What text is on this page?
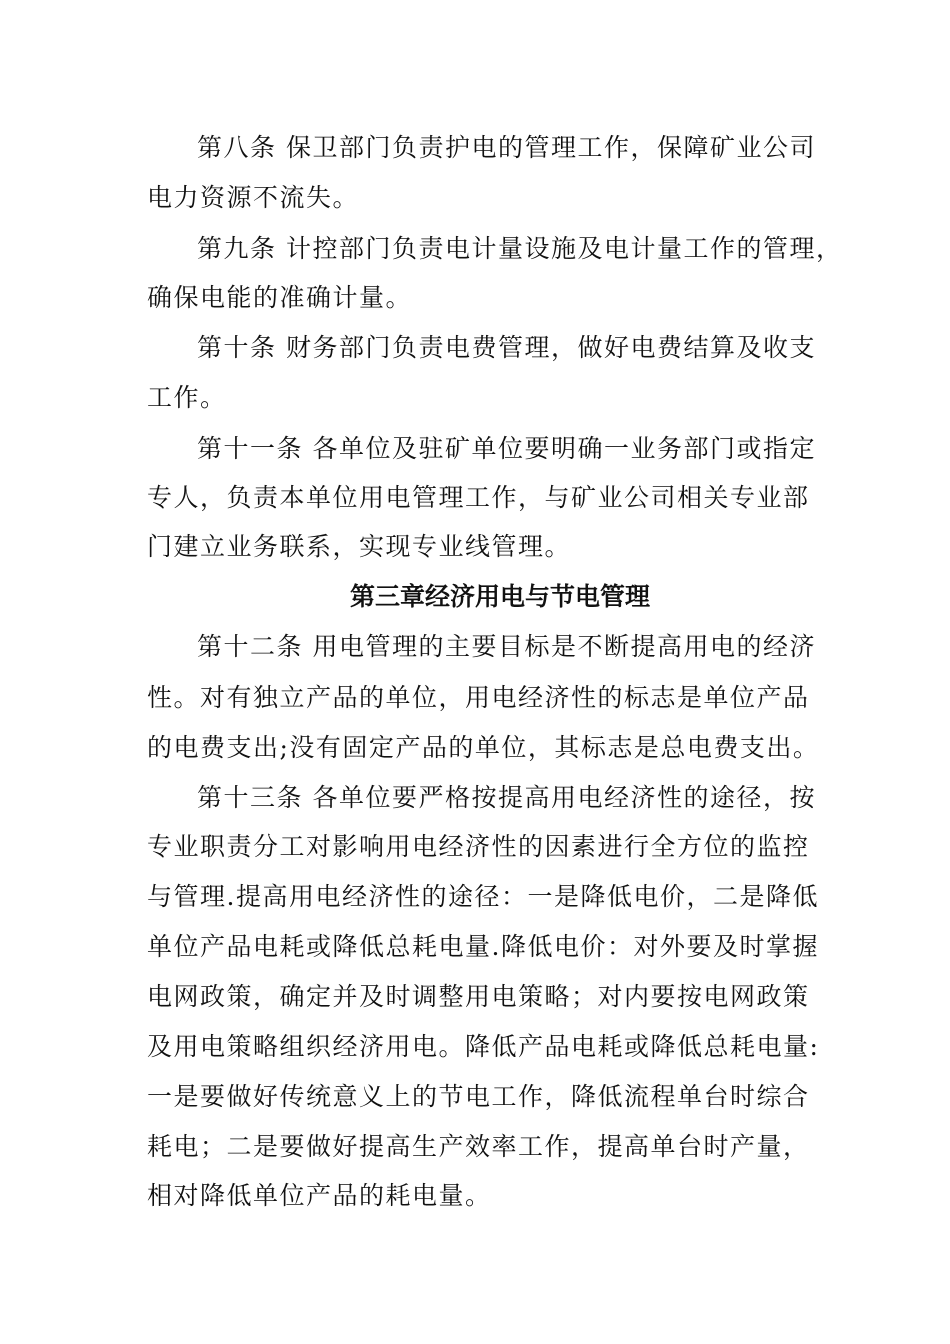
第八条 保卫部门负责护电的管理工作，保障矿业公司
电力资源不流失。
第九条 计控部门负责电计量设施及电计量工作的管理，
确保电能的准确计量。
第十条 财务部门负责电费管理，做好电费结算及收支
工作。
第十一条 各单位及驻矿单位要明确一业务部门或指定
专人，负责本单位用电管理工作，与矿业公司相关专业部
门建立业务联系，实现专业线管理。
第三章经济用电与节电管理
第十二条 用电管理的主要目标是不断提高用电的经济
性。对有独立产品的单位，用电经济性的标志是单位产品
的电费支出;没有固定产品的单位，其标志是总电费支出。
第十三条 各单位要严格按提高用电经济性的途径，按
专业职责分工对影响用电经济性的因素进行全方位的监控
与管理.提高用电经济性的途径：一是降低电价，二是降低
单位产品电耗或降低总耗电量.降低电价：对外要及时掌握
电网政策，确定并及时调整用电策略；对内要按电网政策
及用电策略组织经济用电。降低产品电耗或降低总耗电量:
一是要做好传统意义上的节电工作，降低流程单台时综合
耗电；二是要做好提高生产效率工作，提高单台时产量，
相对降低单位产品的耗电量。
